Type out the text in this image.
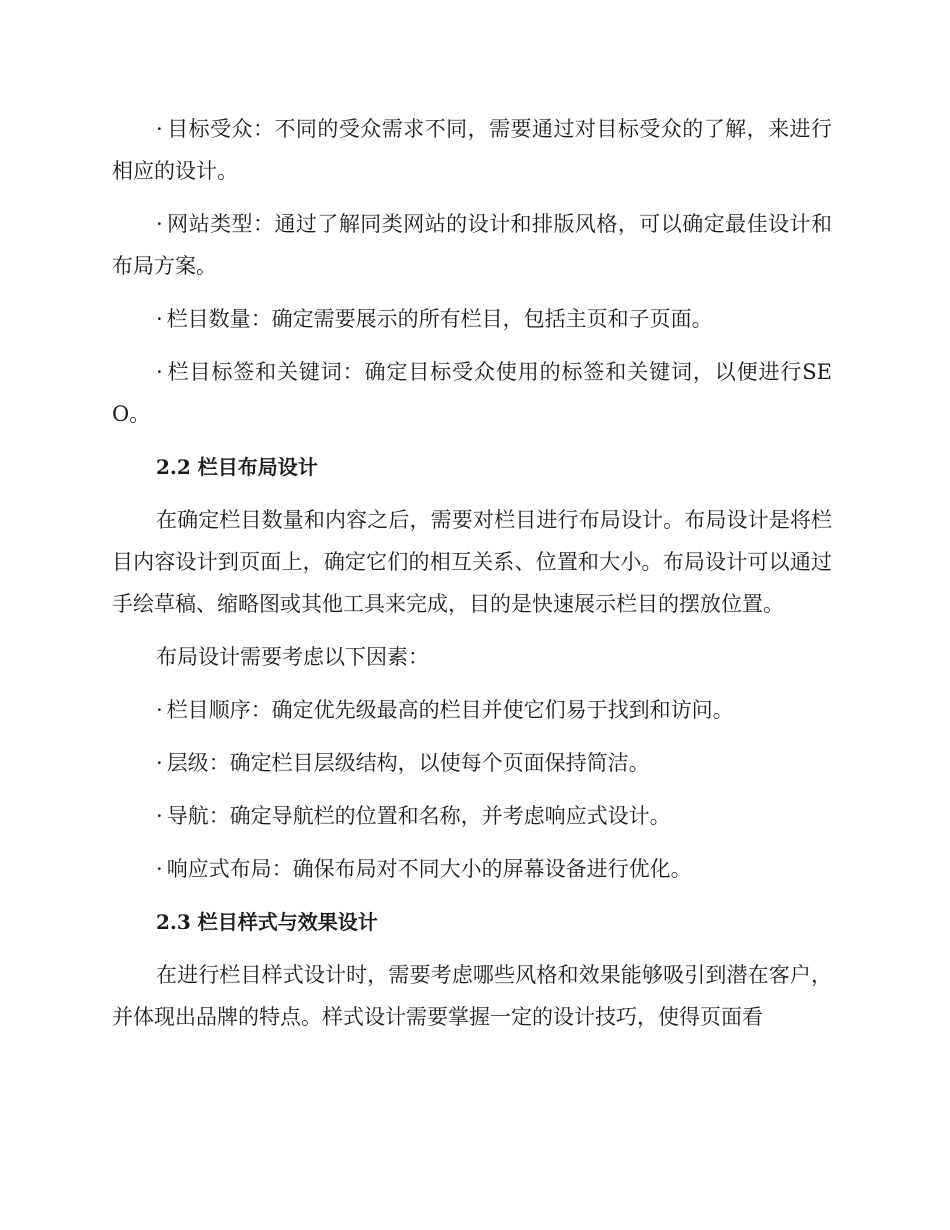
· 目标受众：不同的受众需求不同，需要通过对目标受众的了解，来进行相应的设计。

· 网站类型：通过了解同类网站的设计和排版风格，可以确定最佳设计和布局方案。

· 栏目数量：确定需要展示的所有栏目，包括主页和子页面。

· 栏目标签和关键词：确定目标受众使用的标签和关键词，以便进行SEO。

2.2 栏目布局设计

在确定栏目数量和内容之后，需要对栏目进行布局设计。布局设计是将栏目内容设计到页面上，确定它们的相互关系、位置和大小。布局设计可以通过手绘草稿、缩略图或其他工具来完成，目的是快速展示栏目的摆放位置。

布局设计需要考虑以下因素：

· 栏目顺序：确定优先级最高的栏目并使它们易于找到和访问。

· 层级：确定栏目层级结构，以使每个页面保持简洁。

· 导航：确定导航栏的位置和名称，并考虑响应式设计。

· 响应式布局：确保布局对不同大小的屏幕设备进行优化。

2.3 栏目样式与效果设计

在进行栏目样式设计时，需要考虑哪些风格和效果能够吸引到潜在客户，并体现出品牌的特点。样式设计需要掌握一定的设计技巧，使得页面看
